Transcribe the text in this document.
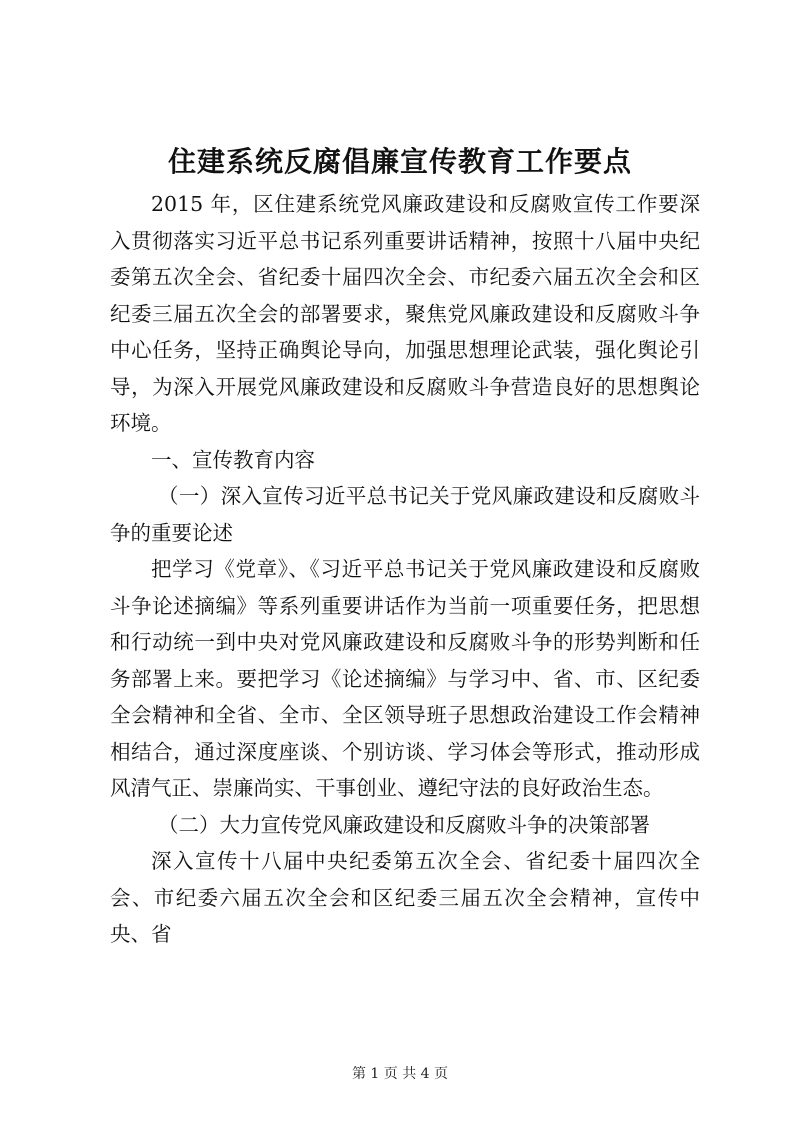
住建系统反腐倡廉宣传教育工作要点

2015 年，区住建系统党风廉政建设和反腐败宣传工作要深入贯彻落实习近平总书记系列重要讲话精神，按照十八届中央纪委第五次全会、省纪委十届四次全会、市纪委六届五次全会和区纪委三届五次全会的部署要求，聚焦党风廉政建设和反腐败斗争中心任务，坚持正确舆论导向，加强思想理论武装，强化舆论引导，为深入开展党风廉政建设和反腐败斗争营造良好的思想舆论环境。

一、宣传教育内容

（一）深入宣传习近平总书记关于党风廉政建设和反腐败斗争的重要论述

把学习《党章》、《习近平总书记关于党风廉政建设和反腐败斗争论述摘编》等系列重要讲话作为当前一项重要任务，把思想和行动统一到中央对党风廉政建设和反腐败斗争的形势判断和任务部署上来。要把学习《论述摘编》与学习中、省、市、区纪委全会精神和全省、全市、全区领导班子思想政治建设工作会精神相结合，通过深度座谈、个别访谈、学习体会等形式，推动形成风清气正、崇廉尚实、干事创业、遵纪守法的良好政治生态。

（二）大力宣传党风廉政建设和反腐败斗争的决策部署

深入宣传十八届中央纪委第五次全会、省纪委十届四次全会、市纪委六届五次全会和区纪委三届五次全会精神，宣传中央、省

第 1 页 共 4 页
